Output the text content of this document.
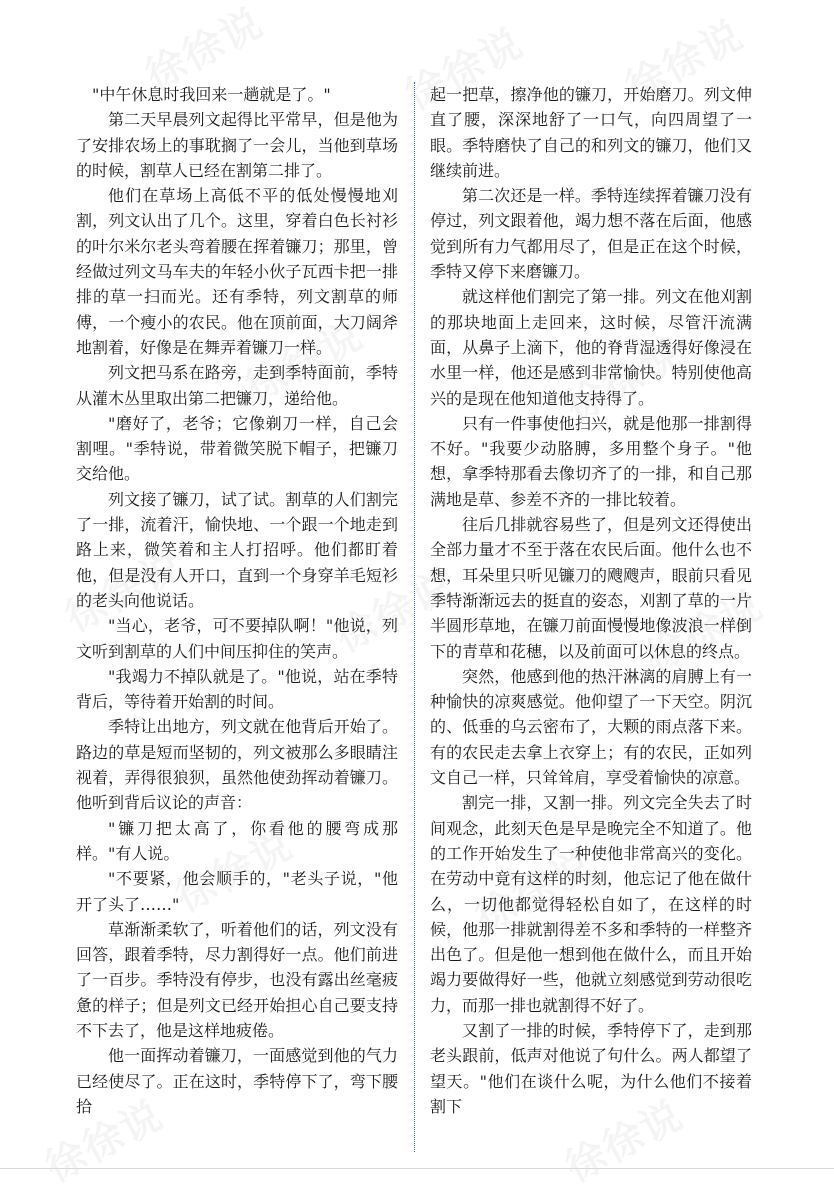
"中午休息时我回来一趟就是了。"

第二天早晨列文起得比平常早，但是他为了安排农场上的事耽搁了一会儿，当他到草场的时候，割草人已经在割第二排了。

他们在草场上高低不平的低处慢慢地刈割，列文认出了几个。这里，穿着白色长衬衫的叶尔米尔老头弯着腰在挥着镰刀；那里，曾经做过列文马车夫的年轻小伙子瓦西卡把一排排的草一扫而光。还有季特，列文割草的师傅，一个瘦小的农民。他在顶前面，大刀阔斧地割着，好像是在舞弄着镰刀一样。

列文把马系在路旁，走到季特面前，季特从灌木丛里取出第二把镰刀，递给他。

"磨好了，老爷；它像剃刀一样，自己会割哩。"季特说，带着微笑脱下帽子，把镰刀交给他。

列文接了镰刀，试了试。割草的人们割完了一排，流着汗，愉快地、一个跟一个地走到路上来，微笑着和主人打招呼。他们都盯着他，但是没有人开口，直到一个身穿羊毛短衫的老头向他说话。

"当心，老爷，可不要掉队啊！"他说，列文听到割草的人们中间压抑住的笑声。

"我竭力不掉队就是了。"他说，站在季特背后，等待着开始割的时间。

季特让出地方，列文就在他背后开始了。路边的草是短而坚韧的，列文被那么多眼睛注视着，弄得很狼狈，虽然他使劲挥动着镰刀。他听到背后议论的声音：

"镰刀把太高了，你看他的腰弯成那样。"有人说。

"不要紧，他会顺手的，"老头子说，"他开了头了……"

草渐渐柔软了，听着他们的话，列文没有回答，跟着季特，尽力割得好一点。他们前进了一百步。季特没有停步，也没有露出丝毫疲惫的样子；但是列文已经开始担心自己要支持不下去了，他是这样地疲倦。

他一面挥动着镰刀，一面感觉到他的气力已经使尽了。正在这时，季特停下了，弯下腰拾

起一把草，擦净他的镰刀，开始磨刀。列文伸直了腰，深深地舒了一口气，向四周望了一眼。季特磨快了自己的和列文的镰刀，他们又继续前进。

第二次还是一样。季特连续挥着镰刀没有停过，列文跟着他，竭力想不落在后面，他感觉到所有力气都用尽了，但是正在这个时候，季特又停下来磨镰刀。

就这样他们割完了第一排。列文在他刈割的那块地面上走回来，这时候，尽管汗流满面，从鼻子上滴下，他的脊背湿透得好像浸在水里一样，他还是感到非常愉快。特别使他高兴的是现在他知道他支持得了。

只有一件事使他扫兴，就是他那一排割得不好。"我要少动胳膊，多用整个身子。"他想，拿季特那看去像切齐了的一排，和自己那满地是草、参差不齐的一排比较着。

往后几排就容易些了，但是列文还得使出全部力量才不至于落在农民后面。他什么也不想，耳朵里只听见镰刀的飕飕声，眼前只看见季特渐渐远去的挺直的姿态，刈割了草的一片半圆形草地，在镰刀前面慢慢地像波浪一样倒下的青草和花穗，以及前面可以休息的终点。

突然，他感到他的热汗淋漓的肩膊上有一种愉快的凉爽感觉。他仰望了一下天空。阴沉的、低垂的乌云密布了，大颗的雨点落下来。有的农民走去拿上衣穿上；有的农民，正如列文自己一样，只耸耸肩，享受着愉快的凉意。

割完一排，又割一排。列文完全失去了时间观念，此刻天色是早是晚完全不知道了。他的工作开始发生了一种使他非常高兴的变化。在劳动中竟有这样的时刻，他忘记了他在做什么，一切他都觉得轻松自如了，在这样的时候，他那一排就割得差不多和季特的一样整齐出色了。但是他一想到他在做什么，而且开始竭力要做得好一些，他就立刻感觉到劳动很吃力，而那一排也就割得不好了。

又割了一排的时候，季特停下了，走到那老头跟前，低声对他说了句什么。两人都望了望天。"他们在谈什么呢，为什么他们不接着割下
